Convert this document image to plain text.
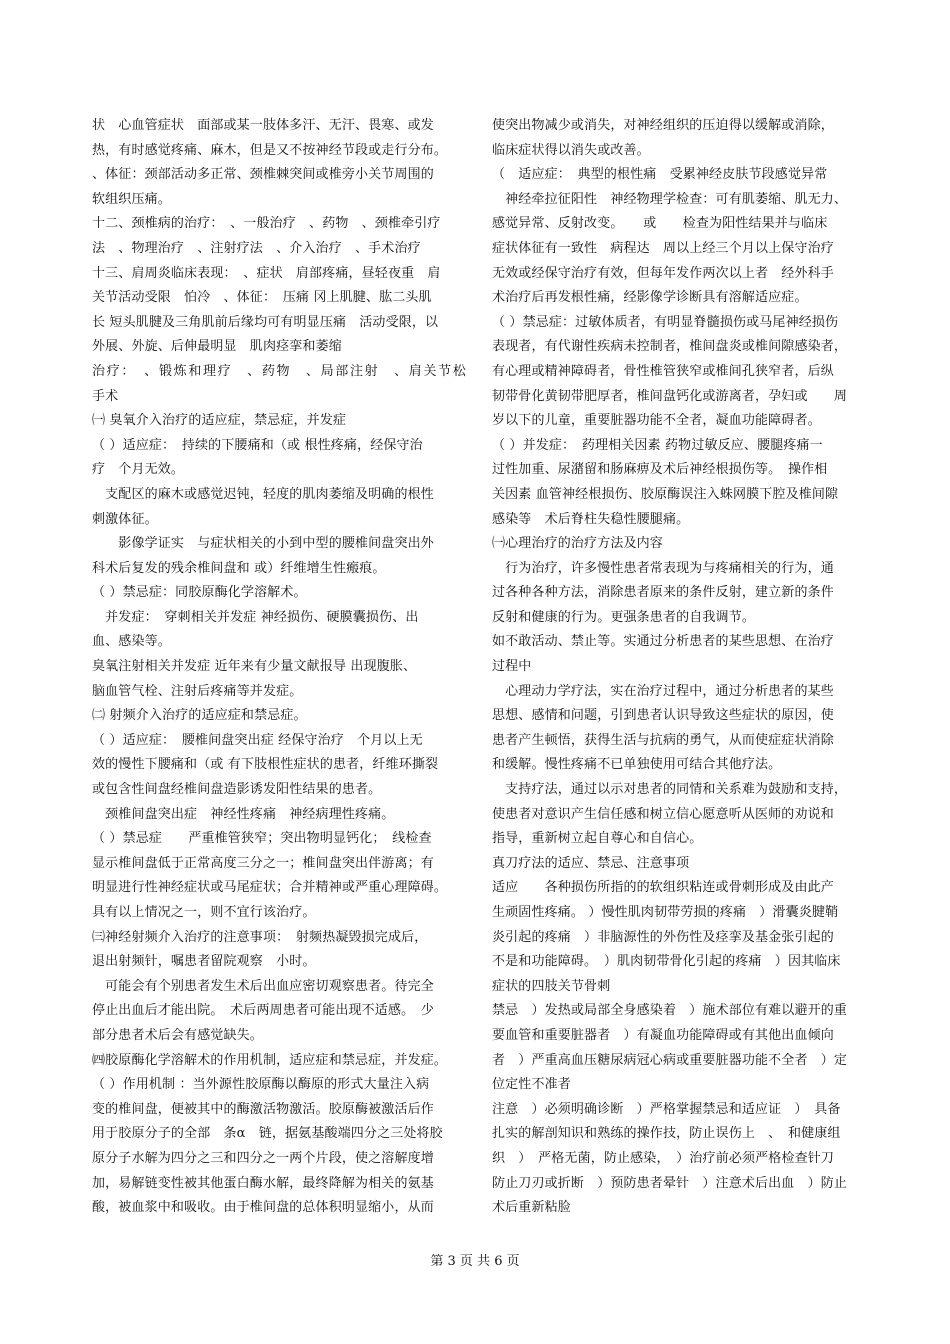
状　心血管症状　面部或某一肢体多汗、无汗、畏寒、或发
热，有时感觉疼痛、麻木，但是又不按神经节段或走行分布。
、体征：颈部活动多正常、颈椎棘突间或椎旁小关节周围的
软组织压痛。
十二、颈椎病的治疗：　、一般治疗　、药物　、颈椎牵引疗
法　、物理治疗　、注射疗法　、介入治疗　、手术治疗
十三、肩周炎临床表现：　、症状　肩部疼痛，昼轻夜重　肩
关节活动受限　怕冷　、体征：　压痛 冈上肌腱、肱二头肌
长 短头肌腱及三角肌前后缘均可有明显压痛　活动受限，以
外展、外旋、后伸最明显　肌肉痉挛和萎缩
治疗：　、锻炼和理疗　、药物　、局部注射　、肩关节松　
手术
㈠ 臭氧介入治疗的适应症，禁忌症，并发症
（ ）适应症：　持续的下腰痛和（或 根性疼痛，经保守治
疗　个月无效。
　支配区的麻木或感觉迟钝，轻度的肌肉萎缩及明确的根性
刺激体征。
　　影像学证实　与症状相关的小到中型的腰椎间盘突出外
科术后复发的残余椎间盘和 或）纤维增生性瘢痕。
（ ）禁忌症：同胶原酶化学溶解术。
　并发症：　穿刺相关并发症 神经损伤、硬膜囊损伤、出
血、感染等。
臭氧注射相关并发症 近年来有少量文献报导 出现腹胀、
脑血管气栓、注射后疼痛等并发症。
㈡ 射频介入治疗的适应症和禁忌症。
（ ）适应症：　腰椎间盘突出症 经保守治疗　个月以上无
效的慢性下腰痛和（或 有下肢根性症状的患者，纤维环撕裂
或包含性间盘经椎间盘造影诱发阳性结果的患者。
　颈椎间盘突出症　神经性疼痛　神经病理性疼痛。
（ ）禁忌症　　严重椎管狭窄；突出物明显钙化；　线检查
显示椎间盘低于正常高度三分之一；椎间盘突出伴游离；有
明显进行性神经症状或马尾症状；合并精神或严重心理障碍。
具有以上情况之一，则不宜行该治疗。
㈢神经射频介入治疗的注意事项：　射频热凝毁损完成后，
退出射频针，嘱患者留院观察　小时。
　可能会有个别患者发生术后出血应密切观察患者。待完全
停止出血后才能出院。　术后两周患者可能出现不适感。　少
部分患者术后会有感觉缺失。
㈣胶原酶化学溶解术的作用机制，适应症和禁忌症，并发症。
（ ）作用机制 ：当外源性胶原酶以酶原的形式大量注入病
变的椎间盘，便被其中的酶激活物激活。胶原酶被激活后作
用于胶原分子的全部　条α　链，据氨基酸端四分之三处将胶
原分子水解为四分之三和四分之一两个片段，使之溶解度增
加，易解链变性被其他蛋白酶水解，最终降解为相关的氨基
酸，被血浆中和吸收。由于椎间盘的总体积明显缩小，从而
使突出物减少或消失，对神经组织的压迫得以缓解或消除，
临床症状得以消失或改善。
（　适应症：　典型的根性痛　受累神经皮肤节段感觉异常
　神经牵拉征阳性　神经物理学检查：可有肌萎缩、肌无力、
感觉异常、反射改变。　　或　　检查为阳性结果并与临床
症状体征有一致性　病程达　周以上经三个月以上保守治疗
无效或经保守治疗有效，但每年发作两次以上者　经外科手
术治疗后再发根性痛，经影像学诊断具有溶解适应症。
（ ）禁忌症：过敏体质者，有明显脊髓损伤或马尾神经损伤
表现者，有代谢性疾病未控制者，椎间盘炎或椎间隙感染者，
有心理或精神障碍者，骨性椎管狭窄或椎间孔狭窄者，后纵
韧带骨化黄韧带肥厚者，椎间盘钙化或游离者，孕妇或　　周
岁以下的儿童，重要脏器功能不全者，凝血功能障碍者。
（ ）并发症：　药理相关因素 药物过敏反应、腰腿疼痛一
过性加重、尿潴留和肠麻痹及术后神经根损伤等。　操作相
关因素 血管神经根损伤、胶原酶误注入蛛网膜下腔及椎间隙
感染等　术后脊柱失稳性腰腿痛。
㈠心理治疗的治疗方法及内容
　行为治疗，许多慢性患者常表现为与疼痛相关的行为，通
过各种各种方法，消除患者原来的条件反射，建立新的条件
反射和健康的行为。更强条患者的自我调节。
如不敢活动、禁止等。实通过分析患者的某些思想、在治疗
过程中
　心理动力学疗法，实在治疗过程中，通过分析患者的某些
思想、感情和问题，引到患者认识导致这些症状的原因，使
患者产生顿悟，获得生活与抗病的勇气，从而使症症状消除
和缓解。慢性疼痛不已单独使用可结合其他疗法。
　支持疗法，通过以示对患者的同情和关系难为鼓励和支持，
使患者对意识产生信任感和树立信心愿意听从医师的劝说和
指导，重新树立起自尊心和自信心。
真刀疗法的适应、禁忌、注意事项
适应　　各种损伤所指的的软组织粘连或骨刺形成及由此产
生顽固性疼痛。 ）慢性肌肉韧带劳损的疼痛　）滑囊炎腱鞘
炎引起的疼痛　）非脑源性的外伤性及痉挛及基金张引起的
不是和功能障碍。　）肌肉韧带骨化引起的疼痛　）因其临床
症状的四肢关节骨刺
禁忌　）发热或局部全身感染着　）施术部位有难以避开的重
要血管和重要脏器者　）有凝血功能障碍或有其他出血倾向
者　）严重高血压糖尿病冠心病或重要脏器功能不全者　）定
位定性不准者
注意　）必须明确诊断　）严格掌握禁忌和适应证　）　具备
扎实的解剖知识和熟练的操作技，防止误伤上　、　和健康组
织　）　严格无菌，防止感染，　）治疗前必须严格检查针刀
防止刀刃或折断　）预防患者晕针　）注意术后出血　）防止
术后重新粘脸
第 3 页 共 6 页
